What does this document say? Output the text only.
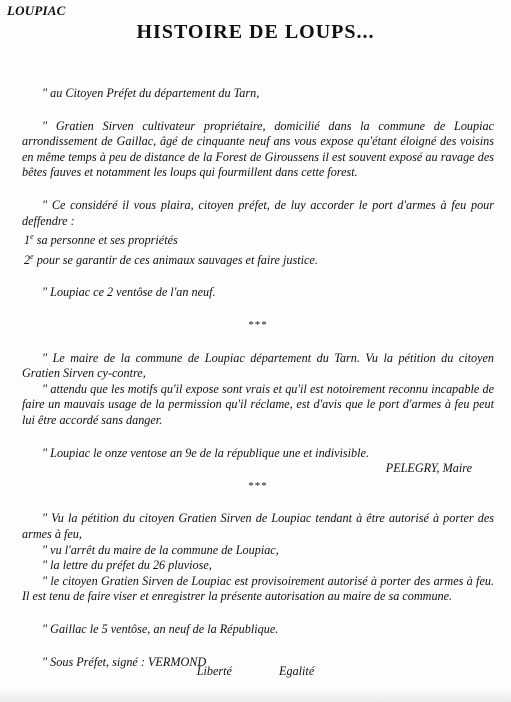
LOUPIAC
HISTOIRE DE LOUPS...

" au Citoyen Préfet du département du Tarn,

" Gratien Sirven cultivateur propriétaire, domicilié dans la commune de Loupiac arrondissement de Gaillac, âgé de cinquante neuf ans vous expose qu'étant éloigné des voisins en même temps à peu de distance de la Forest de Giroussens il est souvent exposé au ravage des bêtes fauves et notamment les loups qui fourmillent dans cette forest.

" Ce considéré il vous plaira, citoyen préfet, de luy accorder le port d'armes à feu pour deffendre :
1e sa personne et ses propriétés
2e pour se garantir de ces animaux sauvages et faire justice.

" Loupiac ce 2 ventôse de l'an neuf.

***
" Le maire de la commune de Loupiac département du Tarn. Vu la pétition du citoyen Gratien Sirven cy-contre,
" attendu que les motifs qu'il expose sont vrais et qu'il est notoirement reconnu incapable de faire un mauvais usage de la permission qu'il réclame, est d'avis que le port d'armes à feu peut lui être accordé sans danger.
" Loupiac le onze ventose an 9e de la république une et indivisible.
PELEGRY, Maire
***
" Vu la pétition du citoyen Gratien Sirven de Loupiac tendant à être autorisé à porter des armes à feu,
" vu l'arrêt du maire de la commune de Loupiac,
" la lettre du préfet du 26 pluviose,
" le citoyen Gratien Sirven de Loupiac est provisoirement autorisé à porter des armes à feu. Il est tenu de faire viser et enregistrer la présente autorisation au maire de sa commune.

" Gaillac le 5 ventôse, an neuf de la République.

" Sous Préfet, signé : VERMOND

Liberté	Egalité
